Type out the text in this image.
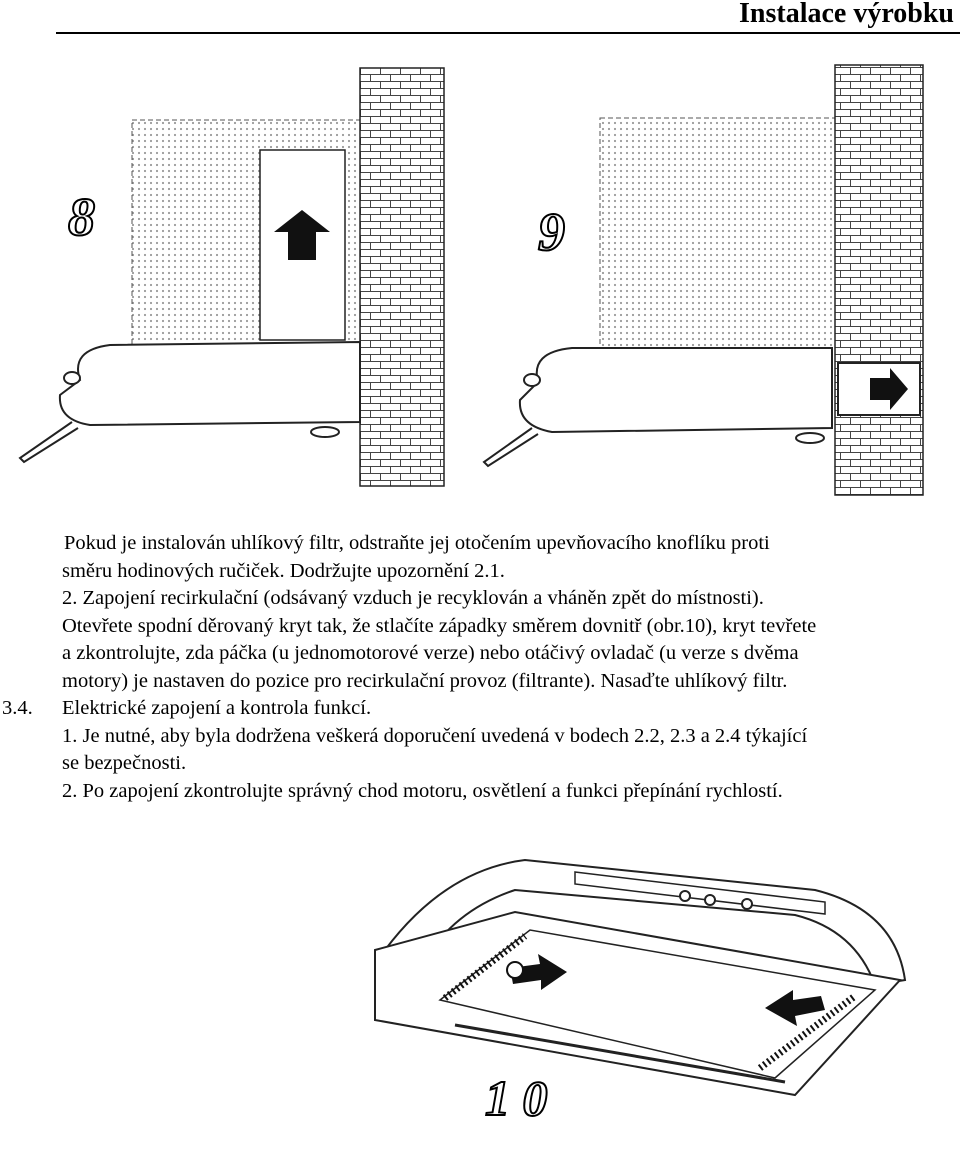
Instalace výrobku
8	9
Pokud je instalován uhlíkový filtr, odstraňte jej otočením upevňovacího knoflíku proti
směru hodinových ručiček. Dodržujte upozornění 2.1.
2. Zapojení recirkulační (odsávaný vzduch je recyklován a vháněn zpět do místnosti).
Otevřete spodní děrovaný kryt tak, že stlačíte západky směrem dovnitř (obr.10), kryt tevřete
a zkontrolujte, zda páčka (u jednomotorové verze) nebo otáčivý ovladač (u verze s dvěma
motory) je nastaven do pozice pro recirkulační provoz (filtrante). Nasaďte uhlíkový filtr.
3.4. Elektrické zapojení a kontrola funkcí.
1. Je nutné, aby byla dodržena veškerá doporučení uvedená v bodech 2.2, 2.3 a 2.4 týkající
se bezpečnosti.
2. Po zapojení zkontrolujte správný chod motoru, osvětlení a funkci přepínání rychlostí.
1 0
